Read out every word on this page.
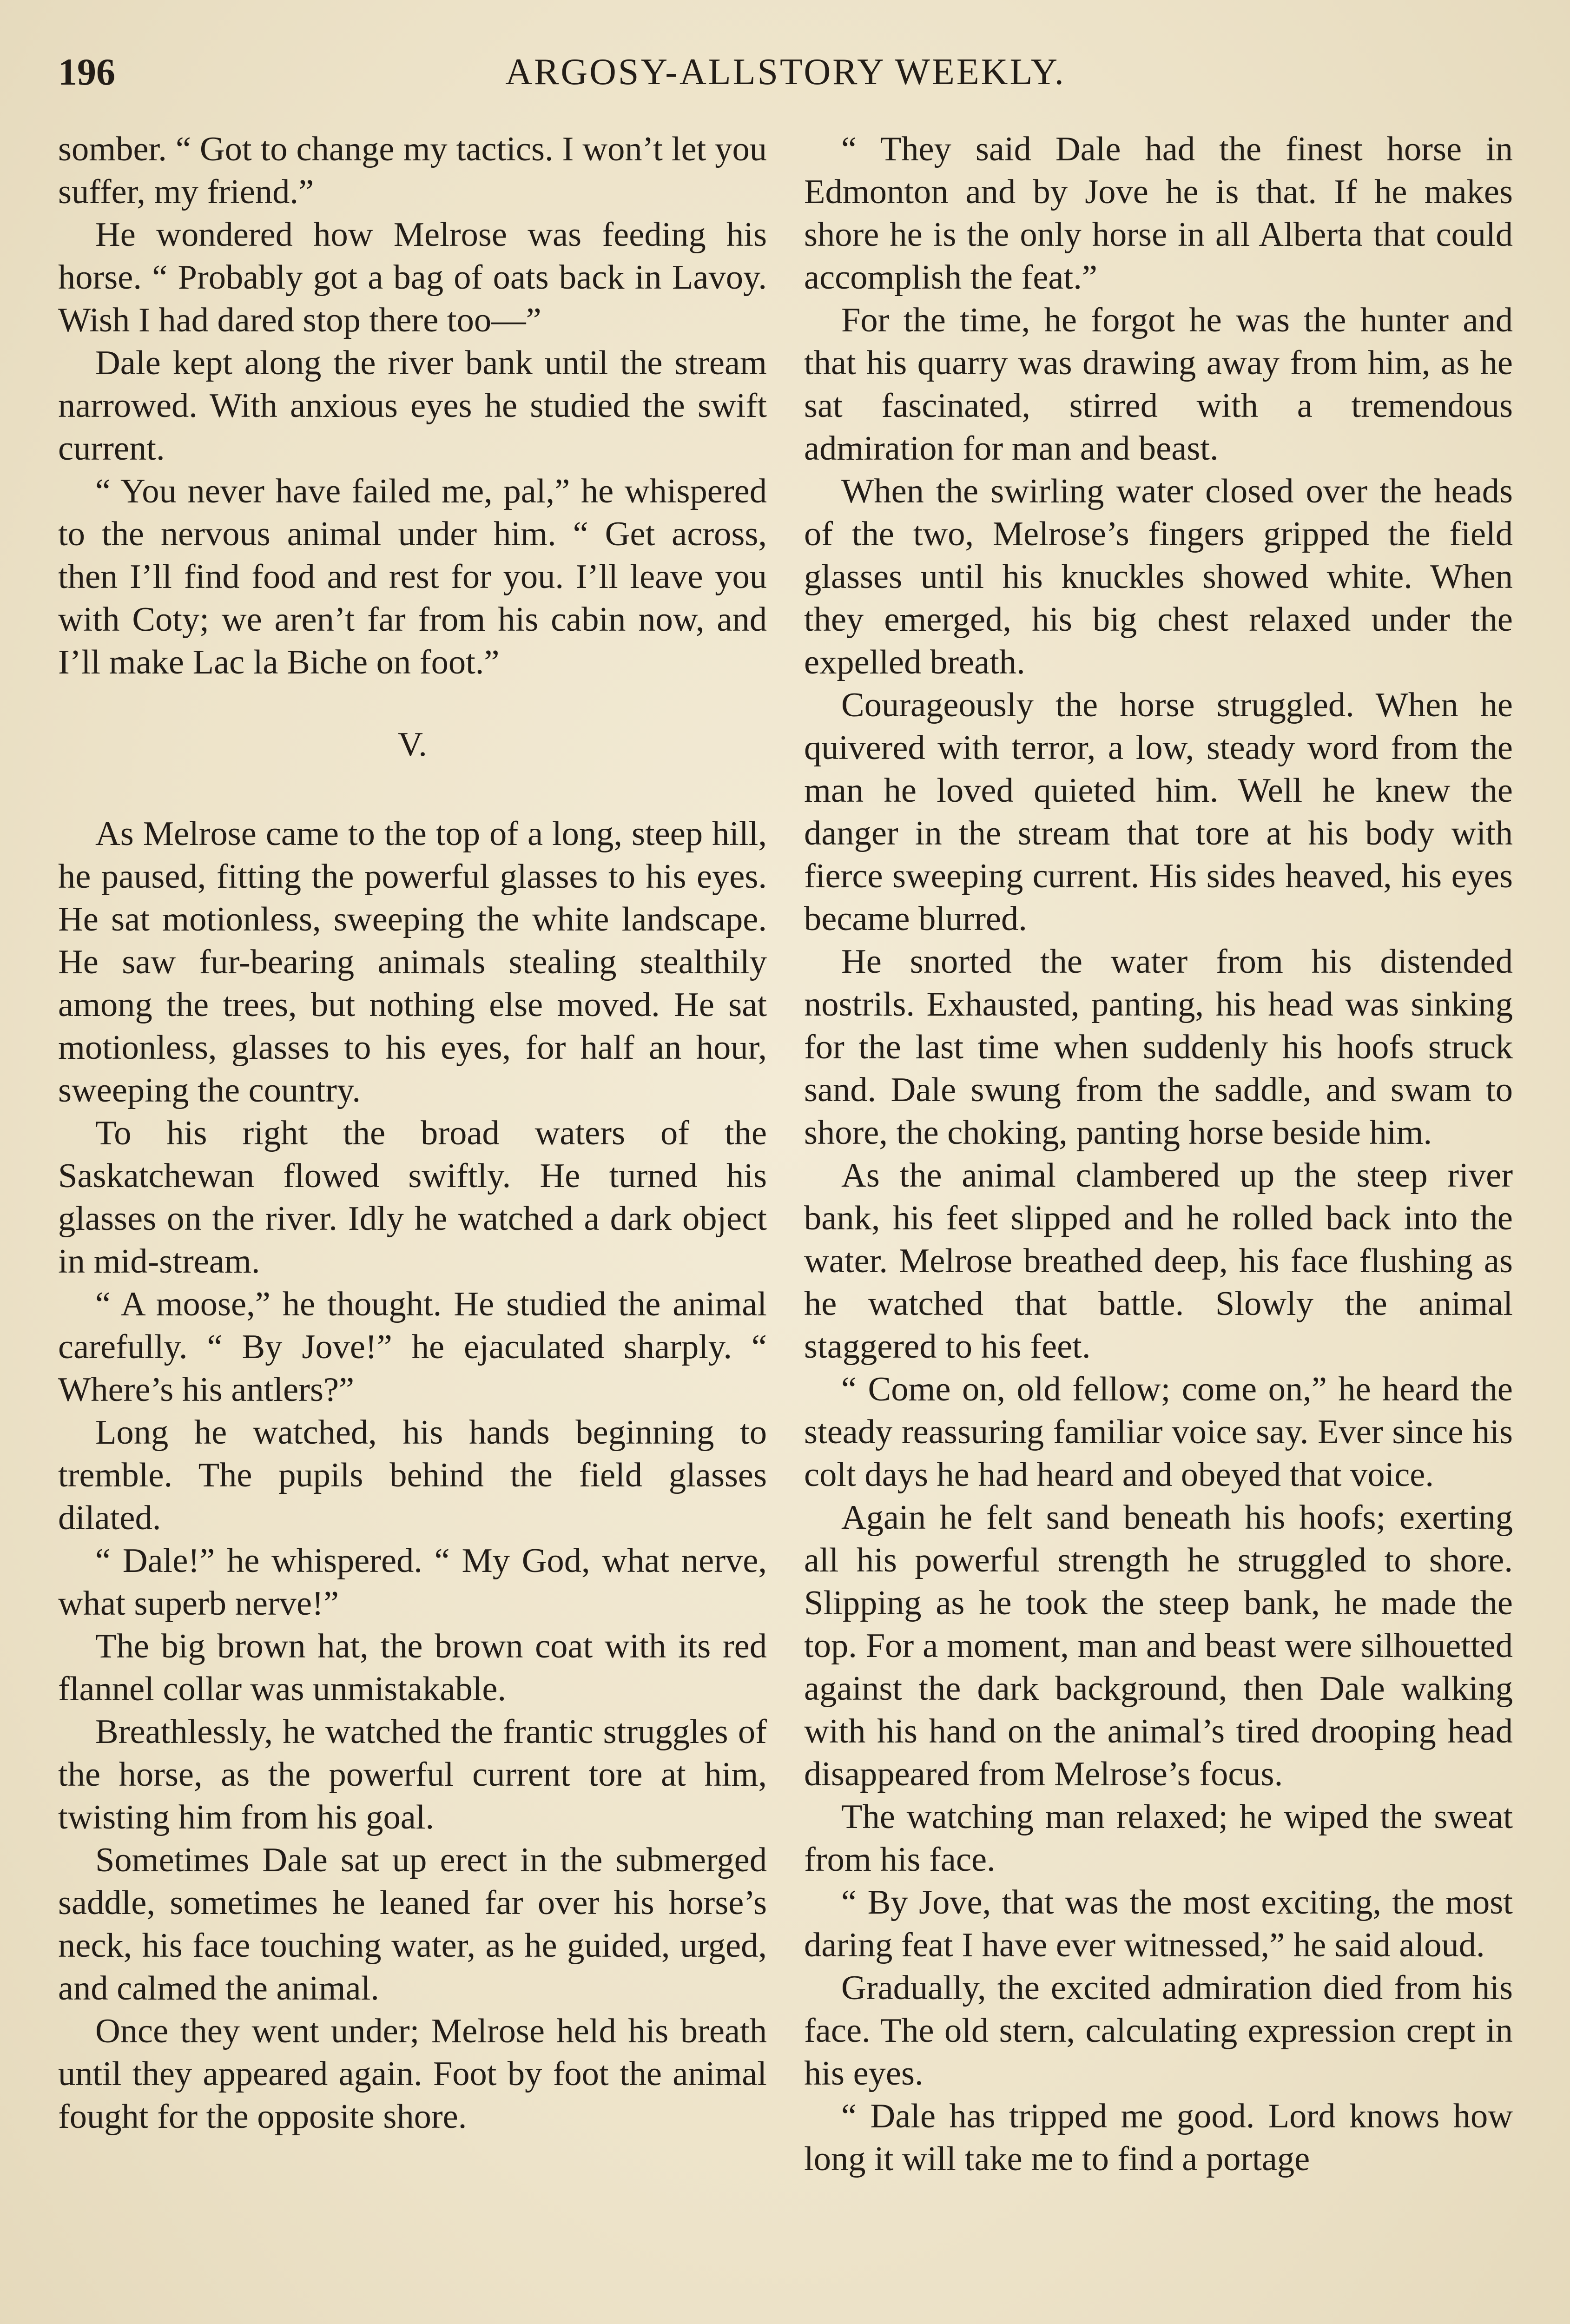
196	ARGOSY-ALLSTORY WEEKLY.

somber. “ Got to change my tactics. I won’t let you suffer, my friend.”

He wondered how Melrose was feeding his horse. “ Probably got a bag of oats back in Lavoy. Wish I had dared stop there too—”

Dale kept along the river bank until the stream narrowed. With anxious eyes he studied the swift current.

“ You never have failed me, pal,” he whispered to the nervous animal under him. “ Get across, then I’ll find food and rest for you. I’ll leave you with Coty; we aren’t far from his cabin now, and I’ll make Lac la Biche on foot.”

V.

As Melrose came to the top of a long, steep hill, he paused, fitting the powerful glasses to his eyes. He sat motionless, sweeping the white landscape. He saw fur-bearing animals stealing stealthily among the trees, but nothing else moved. He sat motionless, glasses to his eyes, for half an hour, sweeping the country.

To his right the broad waters of the Saskatchewan flowed swiftly. He turned his glasses on the river. Idly he watched a dark object in mid-stream.

“ A moose,” he thought. He studied the animal carefully. “ By Jove!” he ejaculated sharply. “ Where’s his antlers?”

Long he watched, his hands beginning to tremble. The pupils behind the field glasses dilated.

“ Dale!” he whispered. “ My God, what nerve, what superb nerve!”

The big brown hat, the brown coat with its red flannel collar was unmistakable.

Breathlessly, he watched the frantic struggles of the horse, as the powerful current tore at him, twisting him from his goal.

Sometimes Dale sat up erect in the submerged saddle, sometimes he leaned far over his horse’s neck, his face touching water, as he guided, urged, and calmed the animal.

Once they went under; Melrose held his breath until they appeared again. Foot by foot the animal fought for the opposite shore.

“ They said Dale had the finest horse in Edmonton and by Jove he is that. If he makes shore he is the only horse in all Alberta that could accomplish the feat.”

For the time, he forgot he was the hunter and that his quarry was drawing away from him, as he sat fascinated, stirred with a tremendous admiration for man and beast.

When the swirling water closed over the heads of the two, Melrose’s fingers gripped the field glasses until his knuckles showed white. When they emerged, his big chest relaxed under the expelled breath.

Courageously the horse struggled. When he quivered with terror, a low, steady word from the man he loved quieted him. Well he knew the danger in the stream that tore at his body with fierce sweeping current. His sides heaved, his eyes became blurred.

He snorted the water from his distended nostrils. Exhausted, panting, his head was sinking for the last time when suddenly his hoofs struck sand. Dale swung from the saddle, and swam to shore, the choking, panting horse beside him.

As the animal clambered up the steep river bank, his feet slipped and he rolled back into the water. Melrose breathed deep, his face flushing as he watched that battle. Slowly the animal staggered to his feet.

“ Come on, old fellow; come on,” he heard the steady reassuring familiar voice say. Ever since his colt days he had heard and obeyed that voice.

Again he felt sand beneath his hoofs; exerting all his powerful strength he struggled to shore. Slipping as he took the steep bank, he made the top. For a moment, man and beast were silhouetted against the dark background, then Dale walking with his hand on the animal’s tired drooping head disappeared from Melrose’s focus.

The watching man relaxed; he wiped the sweat from his face.

“ By Jove, that was the most exciting, the most daring feat I have ever witnessed,” he said aloud.

Gradually, the excited admiration died from his face. The old stern, calculating expression crept in his eyes.

“ Dale has tripped me good. Lord knows how long it will take me to find a portage
